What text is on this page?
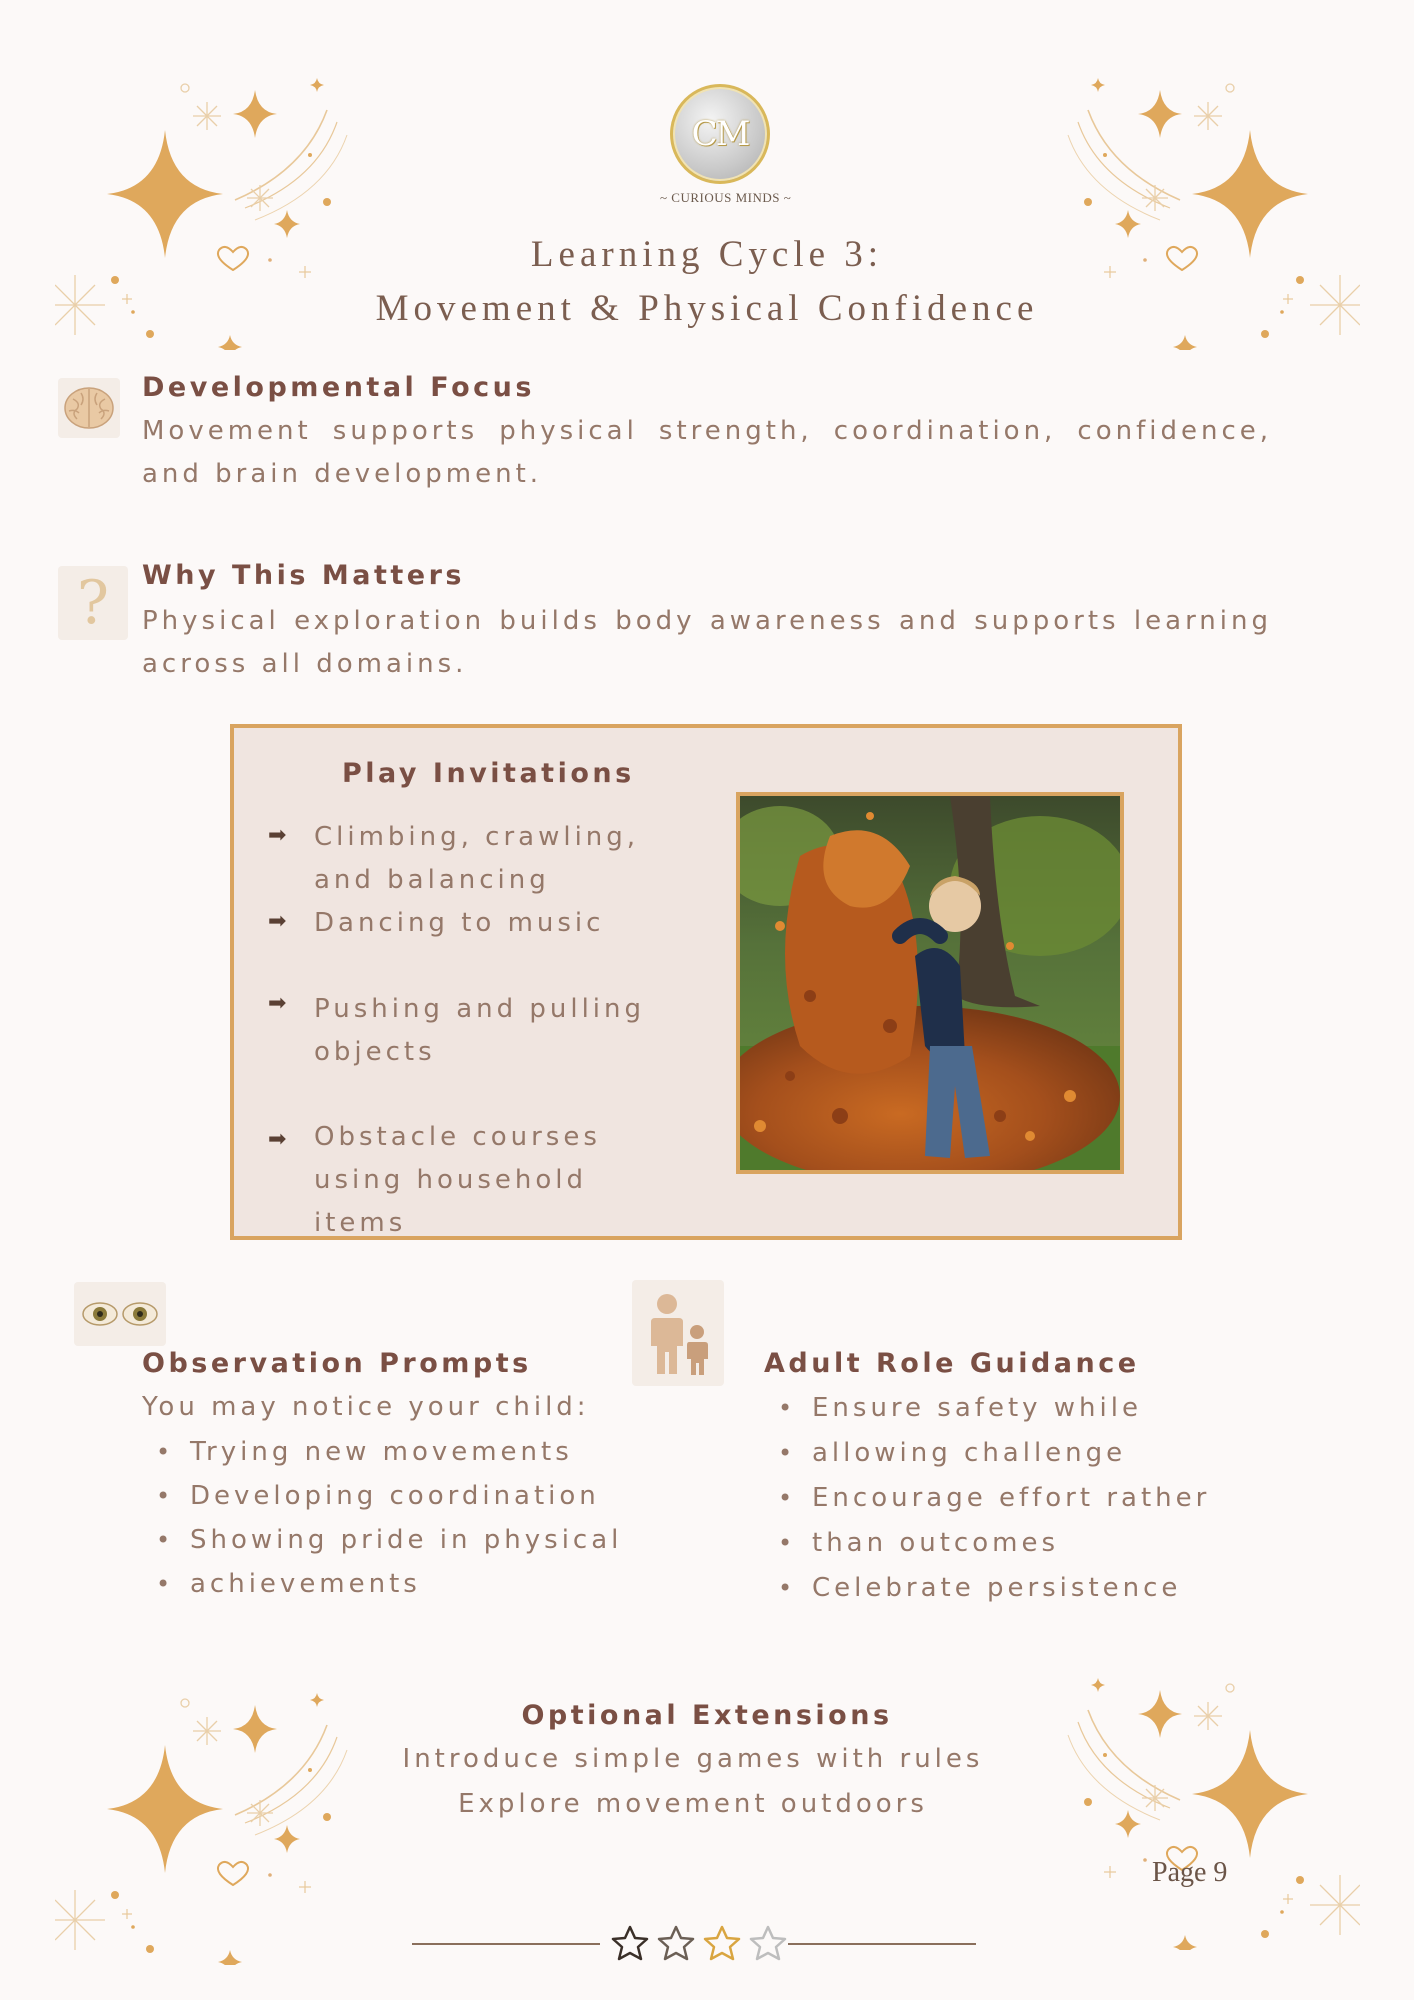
CM
~ CURIOUS MINDS ~
Learning Cycle 3:
Movement & Physical Confidence
Developmental Focus
Movement supports physical strength, coordination, confidence, and brain development.
? Why This Matters
Physical exploration builds body awareness and supports learning across all domains.
Play Invitations
➡ Climbing, crawling,
and balancing
➡ Dancing to music
➡ Pushing and pulling
objects
➡ Obstacle courses
using household
items
Observation Prompts
You may notice your child:
• Trying new movements
• Developing coordination
• Showing pride in physical
• achievements
Adult Role Guidance
• Ensure safety while
• allowing challenge
• Encourage effort rather
• than outcomes
• Celebrate persistence
Optional Extensions
Introduce simple games with rules
Explore movement outdoors
Page 9
